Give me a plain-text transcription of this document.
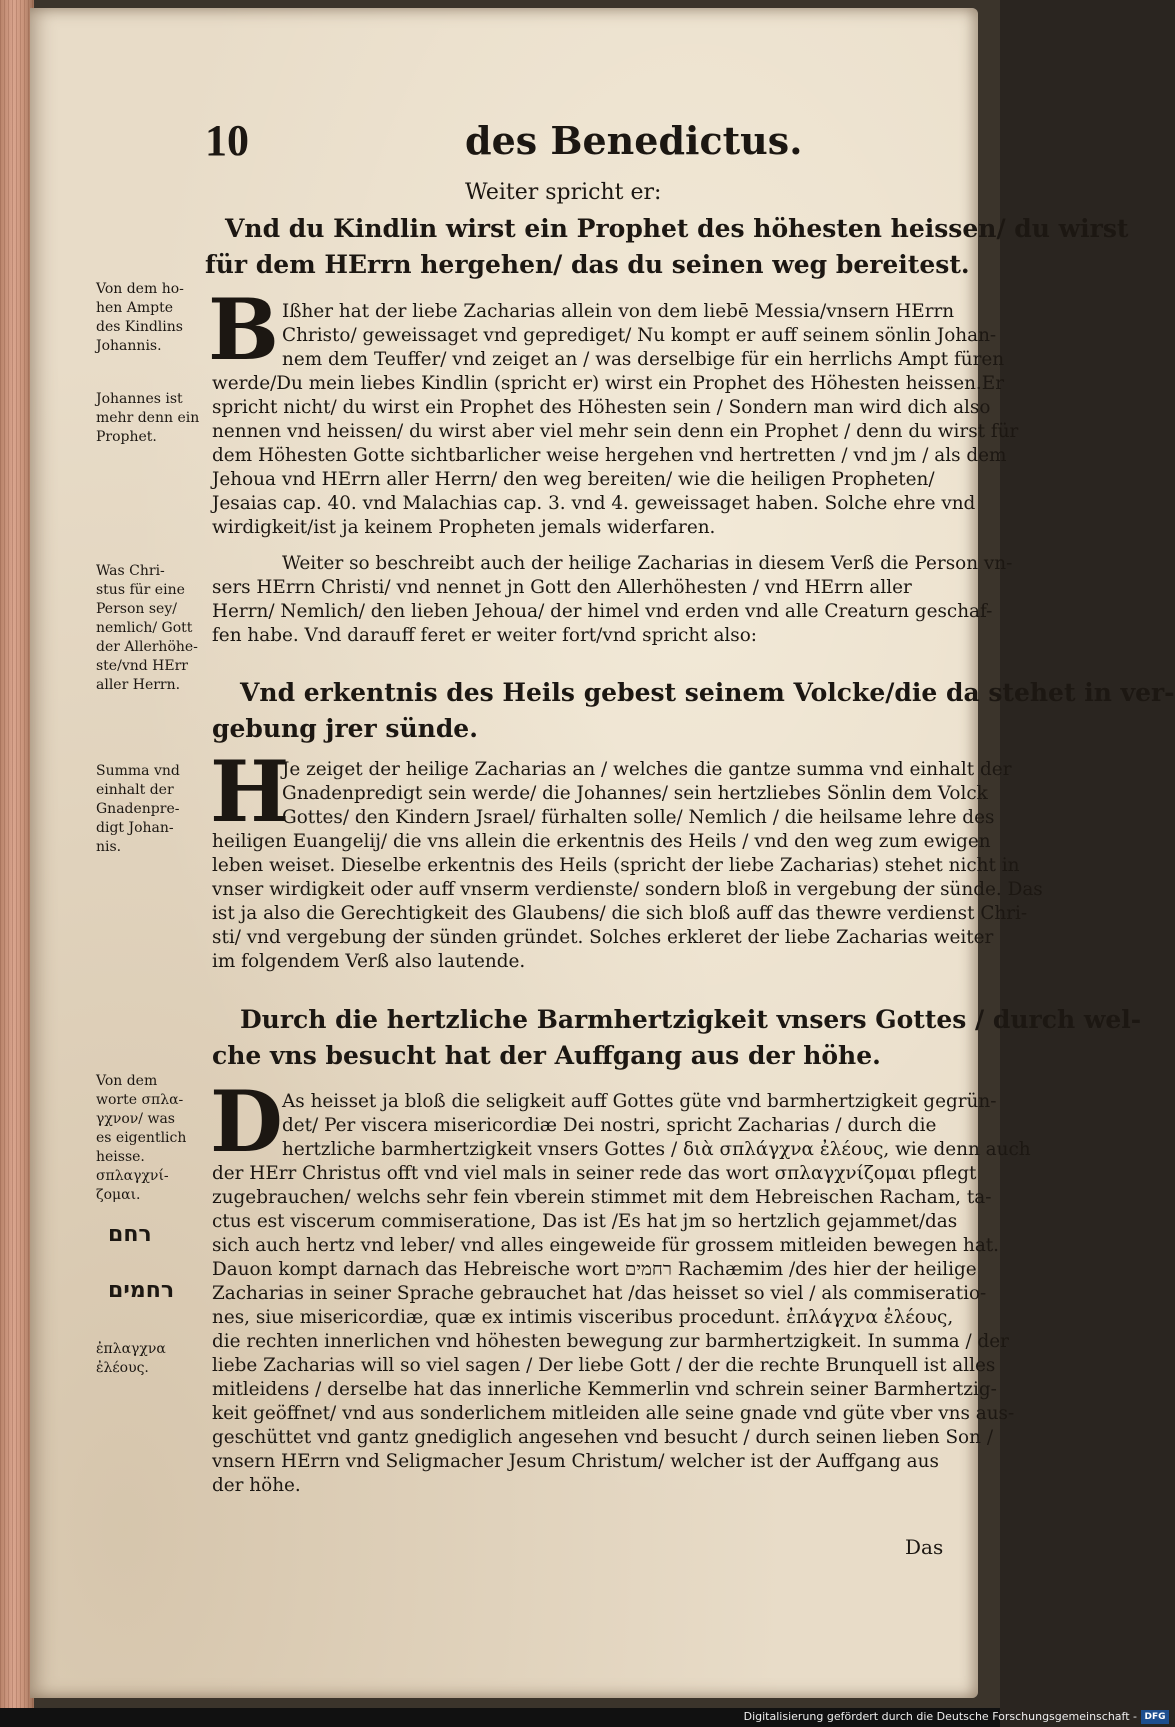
10	des Benedictus.
Weiter spricht er:
Vnd du Kindlin wirst ein Prophet des höhesten heissen/ du wirst
für dem HErrn hergehen/ das du seinen weg bereitest.
Vnd erkentnis des Heils gebest seinem Volcke/die da stehet in ver-
gebung jrer sünde.
Durch die hertzliche Barmhertzigkeit vnsers Gottes / durch wel-
che vns besucht hat der Auffgang aus der höhe.
B Ißher hat der liebe Zacharias allein von dem liebē Messia/vnsern HErrn
Christo/ geweissaget vnd geprediget/ Nu kompt er auff seinem sönlin Johan-
nem dem Teuffer/ vnd zeiget an / was derselbige für ein herrlichs Ampt füren
werde/Du mein liebes Kindlin (spricht er) wirst ein Prophet des Höhesten heissen.Er
spricht nicht/ du wirst ein Prophet des Höhesten sein / Sondern man wird dich also
nennen vnd heissen/ du wirst aber viel mehr sein denn ein Prophet / denn du wirst für
dem Höhesten Gotte sichtbarlicher weise hergehen vnd hertretten / vnd jm / als dem
Jehoua vnd HErrn aller Herrn/ den weg bereiten/ wie die heiligen Propheten/
Jesaias cap. 40. vnd Malachias cap. 3. vnd 4. geweissaget haben. Solche ehre vnd
wirdigkeit/ist ja keinem Propheten jemals widerfaren.
Weiter so beschreibt auch der heilige Zacharias in diesem Verß die Person vn-
sers HErrn Christi/ vnd nennet jn Gott den Allerhöhesten / vnd HErrn aller
Herrn/ Nemlich/ den lieben Jehoua/ der himel vnd erden vnd alle Creaturn geschaf-
fen habe. Vnd darauff feret er weiter fort/vnd spricht also:
H
Je zeiget der heilige Zacharias an / welches die gantze summa vnd einhalt der
Gnadenpredigt sein werde/ die Johannes/ sein hertzliebes Sönlin dem Volck
Gottes/ den Kindern Jsrael/ fürhalten solle/ Nemlich / die heilsame lehre des
heiligen Euangelij/ die vns allein die erkentnis des Heils / vnd den weg zum ewigen
leben weiset. Dieselbe erkentnis des Heils (spricht der liebe Zacharias) stehet nicht in
vnser wirdigkeit oder auff vnserm verdienste/ sondern bloß in vergebung der sünde. Das
ist ja also die Gerechtigkeit des Glaubens/ die sich bloß auff das thewre verdienst Chri-
sti/ vnd vergebung der sünden gründet. Solches erkleret der liebe Zacharias weiter
im folgendem Verß also lautende.
D As heisset ja bloß die seligkeit auff Gottes güte vnd barmhertzigkeit gegrün-
det/ Per viscera misericordiæ Dei nostri, spricht Zacharias / durch die
hertzliche barmhertzigkeit vnsers Gottes / διὰ σπλάγχνα ἐλέους, wie denn auch
der HErr Christus offt vnd viel mals in seiner rede das wort σπλαγχνίζομαι pflegt
zugebrauchen/ welchs sehr fein vberein stimmet mit dem Hebreischen Racham, ta-
ctus est viscerum commiseratione, Das ist /Es hat jm so hertzlich gejammet/das
sich auch hertz vnd leber/ vnd alles eingeweide für grossem mitleiden bewegen hat.
Dauon kompt darnach das Hebreische wort רחמים Rachæmim /des hier der heilige
Zacharias in seiner Sprache gebrauchet hat /das heisset so viel / als commiseratio-
nes, siue misericordiæ, quæ ex intimis visceribus procedunt. ἐπλάγχνα ἐλέους,
die rechten innerlichen vnd höhesten bewegung zur barmhertzigkeit. In summa / der
liebe Zacharias will so viel sagen / Der liebe Gott / der die rechte Brunquell ist alles
mitleidens / derselbe hat das innerliche Kemmerlin vnd schrein seiner Barmhertzig-
keit geöffnet/ vnd aus sonderlichem mitleiden alle seine gnade vnd güte vber vns aus-
geschüttet vnd gantz gnediglich angesehen vnd besucht / durch seinen lieben Son /
vnsern HErrn vnd Seligmacher Jesum Christum/ welcher ist der Auffgang aus
der höhe.
Von dem ho-
hen Ampte
des Kindlins
Johannis.
Johannes ist
mehr denn ein
Prophet.
Was Chri-
stus für eine
Person sey/
nemlich/ Gott
der Allerhöhe-
ste/vnd HErr
aller Herrn.
Summa vnd
einhalt der
Gnadenpre-
digt Johan-
nis.
Von dem
worte σπλα-
γχνον/ was
es eigentlich
heisse.
σπλαγχνί-
ζομαι.
רחם
רחמים
ἐπλαγχνα
ἐλέους.
Das
Digitalisierung gefördert durch die Deutsche Forschungsgemeinschaft - DFG
